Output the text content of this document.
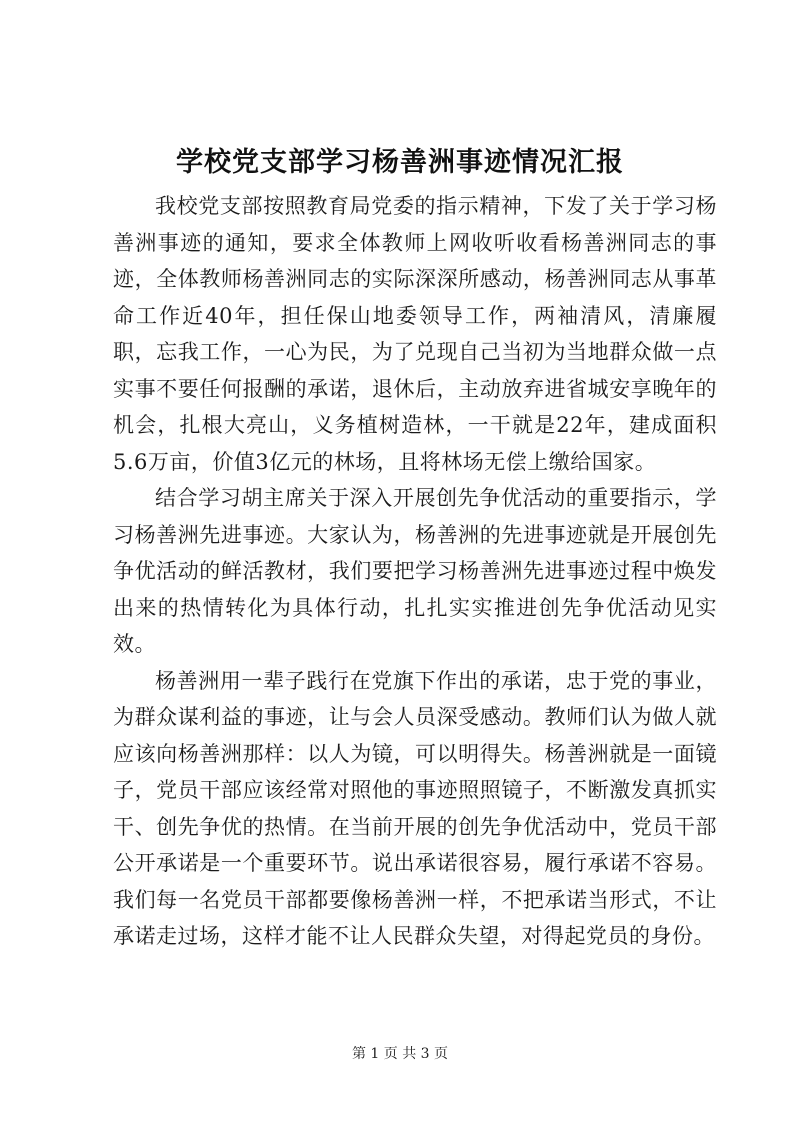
学校党支部学习杨善洲事迹情况汇报

我校党支部按照教育局党委的指示精神，下发了关于学习杨善洲事迹的通知，要求全体教师上网收听收看杨善洲同志的事迹，全体教师杨善洲同志的实际深深所感动，杨善洲同志从事革命工作近40年，担任保山地委领导工作，两袖清风，清廉履职，忘我工作，一心为民，为了兑现自己当初为当地群众做一点实事不要任何报酬的承诺，退休后，主动放弃进省城安享晚年的机会，扎根大亮山，义务植树造林，一干就是22年，建成面积5.6万亩，价值3亿元的林场，且将林场无偿上缴给国家。

结合学习胡主席关于深入开展创先争优活动的重要指示，学习杨善洲先进事迹。大家认为，杨善洲的先进事迹就是开展创先争优活动的鲜活教材，我们要把学习杨善洲先进事迹过程中焕发出来的热情转化为具体行动，扎扎实实推进创先争优活动见实效。

杨善洲用一辈子践行在党旗下作出的承诺，忠于党的事业，为群众谋利益的事迹，让与会人员深受感动。教师们认为做人就应该向杨善洲那样：以人为镜，可以明得失。杨善洲就是一面镜子，党员干部应该经常对照他的事迹照照镜子，不断激发真抓实干、创先争优的热情。在当前开展的创先争优活动中，党员干部公开承诺是一个重要环节。说出承诺很容易，履行承诺不容易。我们每一名党员干部都要像杨善洲一样，不把承诺当形式，不让承诺走过场，这样才能不让人民群众失望，对得起党员的身份。

第 1 页 共 3 页
